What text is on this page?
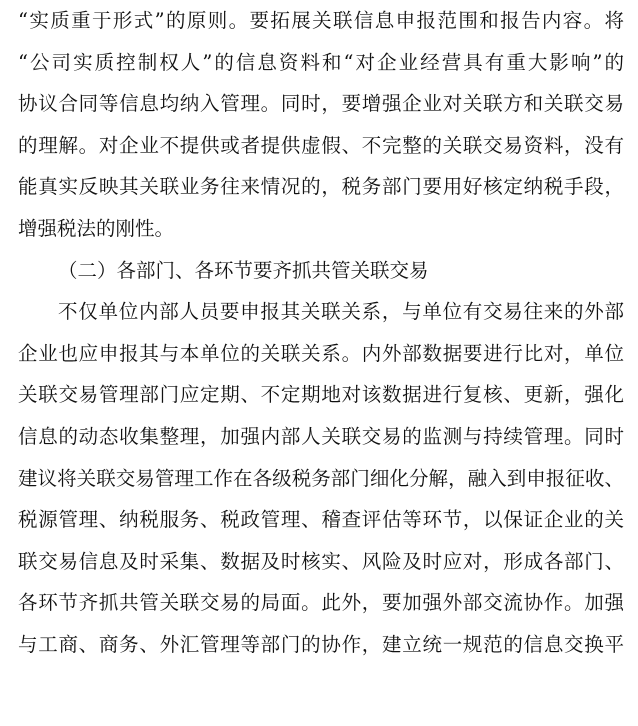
“实质重于形式”的原则。要拓展关联信息申报范围和报告内容。将
“公司实质控制权人”的信息资料和“对企业经营具有重大影响”的
协议合同等信息均纳入管理。同时，要增强企业对关联方和关联交易
的理解。对企业不提供或者提供虚假、不完整的关联交易资料，没有
能真实反映其关联业务往来情况的，税务部门要用好核定纳税手段，
增强税法的刚性。
（二）各部门、各环节要齐抓共管关联交易
不仅单位内部人员要申报其关联关系，与单位有交易往来的外部
企业也应申报其与本单位的关联关系。内外部数据要进行比对，单位
关联交易管理部门应定期、不定期地对该数据进行复核、更新，强化
信息的动态收集整理，加强内部人关联交易的监测与持续管理。同时
建议将关联交易管理工作在各级税务部门细化分解，融入到申报征收、
税源管理、纳税服务、税政管理、稽查评估等环节，以保证企业的关
联交易信息及时采集、数据及时核实、风险及时应对，形成各部门、
各环节齐抓共管关联交易的局面。此外，要加强外部交流协作。加强
与工商、商务、外汇管理等部门的协作，建立统一规范的信息交换平
